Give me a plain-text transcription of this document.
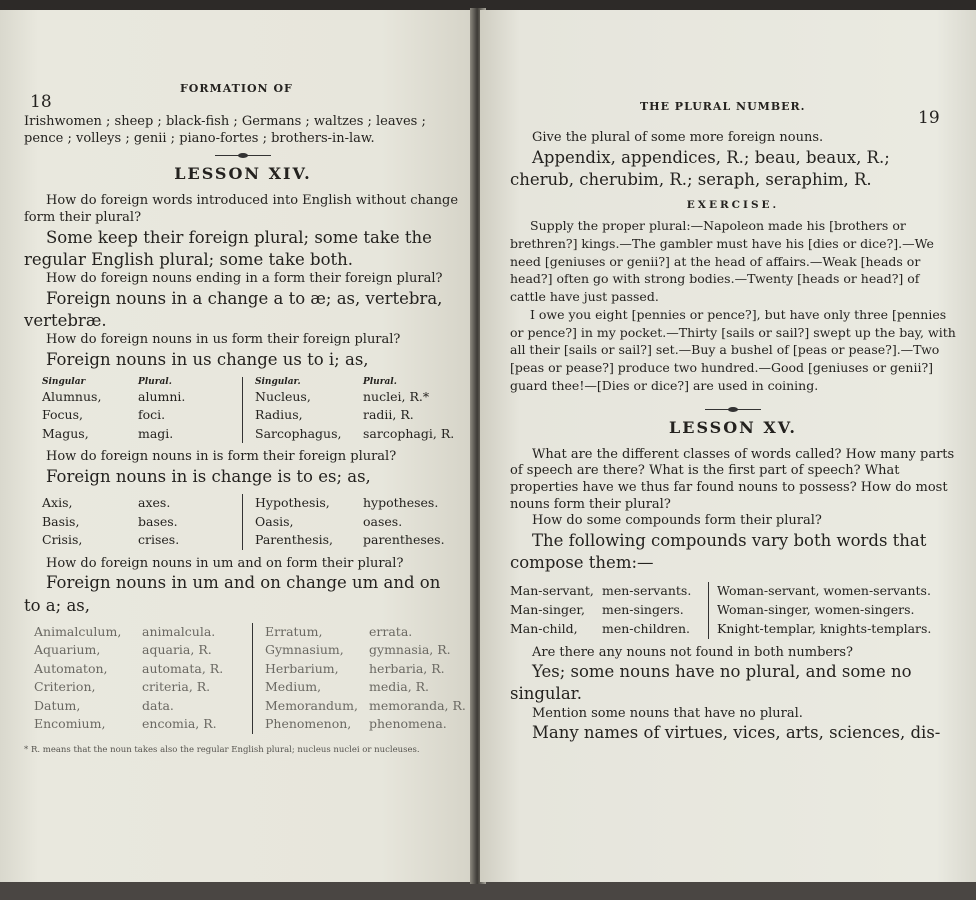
18
FORMATION OF

Irishwomen ; sheep ; black-fish ; Germans ; waltzes ; leaves ; pence ; volleys ; genii ; piano-fortes ; brothers-in-law.

LESSON XIV.

How do foreign words introduced into English without change form their plural?

Some keep their foreign plural; some take the regular English plural; some take both.

How do foreign nouns ending in a form their foreign plural?

Foreign nouns in a change a to æ; as, vertebra, vertebræ.

How do foreign nouns in us form their foreign plural?

Foreign nouns in us change us to i; as,

Singular	Plural.
Alumnus,	alumni.
Focus,	foci.
Magus,	magi.
Singular.	Plural.
Nucleus,	nuclei, R.*
Radius,	radii, R.
Sarcophagus,	sarcophagi, R.

How do foreign nouns in is form their foreign plural?

Foreign nouns in is change is to es; as,

Axis,	axes.
Basis,	bases.
Crisis,	crises.
Hypothesis,	hypotheses.
Oasis,	oases.
Parenthesis,	parentheses.

How do foreign nouns in um and on form their plural?

Foreign nouns in um and on change um and on to a; as,

Animalculum,	animalcula.
Aquarium,	aquaria, R.
Automaton,	automata, R.
Criterion,	criteria, R.
Datum,	data.
Encomium,	encomia, R.
Erratum,	errata.
Gymnasium,	gymnasia, R.
Herbarium,	herbaria, R.
Medium,	media, R.
Memorandum, memoranda, R.
Phenomenon,	phenomena.

* R. means that the noun takes also the regular English plural; nucleus nuclei or nucleuses.

THE PLURAL NUMBER.
19

Give the plural of some more foreign nouns.

Appendix, appendices, R.; beau, beaux, R.; cherub, cherubim, R.; seraph, seraphim, R.

EXERCISE.

Supply the proper plural:—Napoleon made his [brothers or brethren?] kings.—The gambler must have his [dies or dice?].—We need [geniuses or genii?] at the head of affairs.—Weak [heads or head?] often go with strong bodies.—Twenty [heads or head?] of cattle have just passed.

I owe you eight [pennies or pence?], but have only three [pennies or pence?] in my pocket.—Thirty [sails or sail?] swept up the bay, with all their [sails or sail?] set.—Buy a bushel of [peas or pease?].—Two [peas or pease?] produce two hundred.—Good [geniuses or genii?] guard thee!—[Dies or dice?] are used in coining.

LESSON XV.

What are the different classes of words called? How many parts of speech are there? What is the first part of speech? What properties have we thus far found nouns to possess? How do most nouns form their plural?

How do some compounds form their plural?

The following compounds vary both words that compose them:—

Man-servant, men-servants.
Man-singer,	men-singers.
Man-child,	men-children.
Woman-servant, women-servants.
Woman-singer, women-singers.
Knight-templar, knights-templars.

Are there any nouns not found in both numbers?

Yes; some nouns have no plural, and some no singular.

Mention some nouns that have no plural.

Many names of virtues, vices, arts, sciences, dis-
